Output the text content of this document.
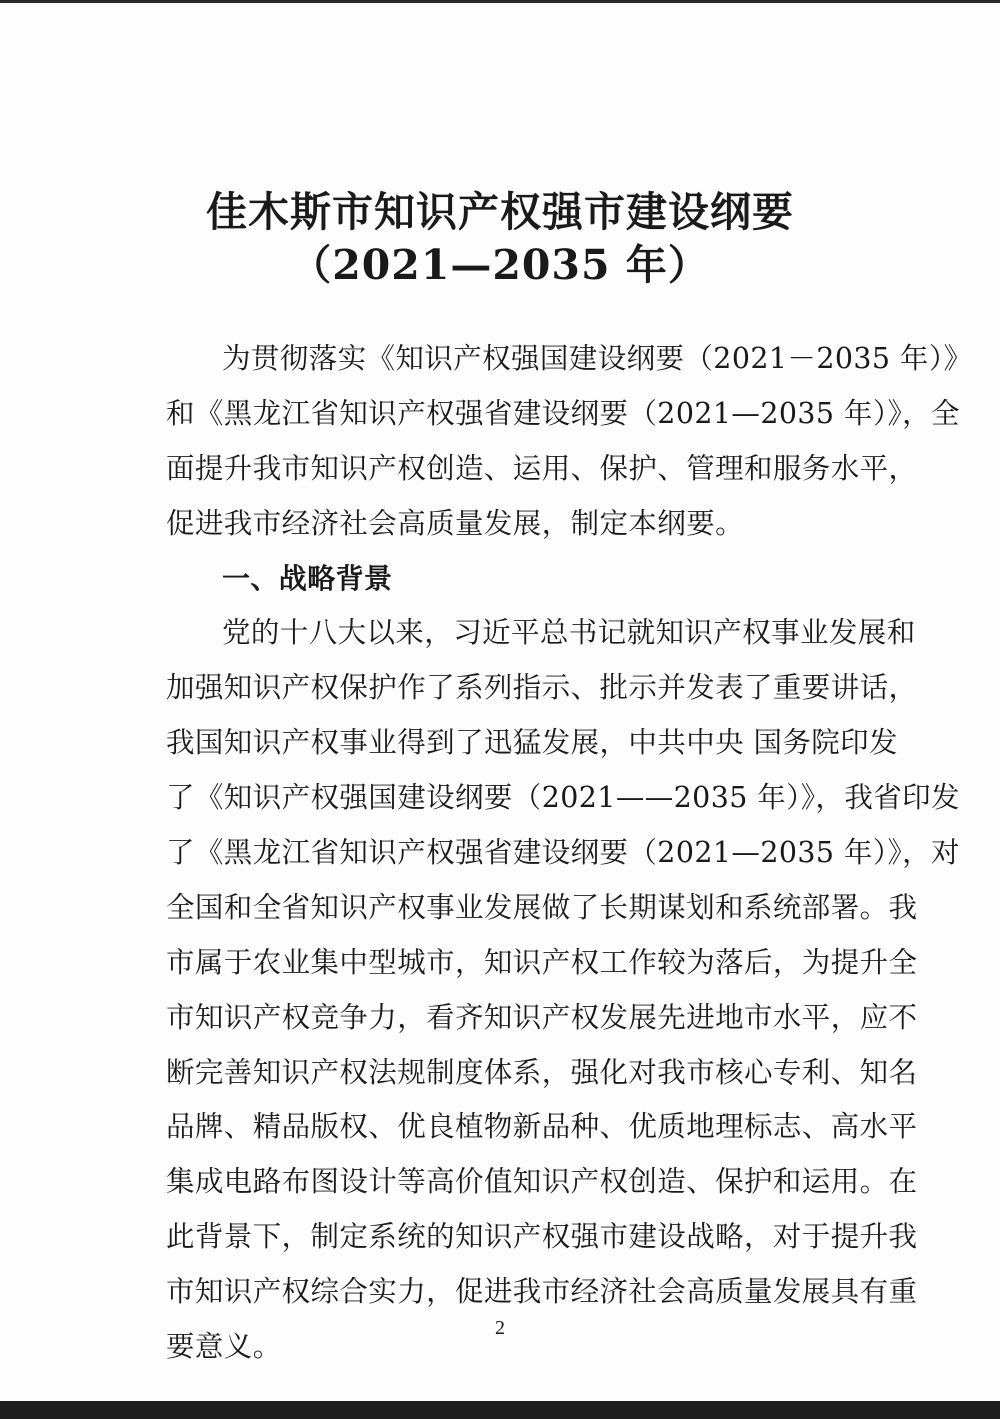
佳木斯市知识产权强市建设纲要
（2021—2035 年）
为贯彻落实《知识产权强国建设纲要（2021－2035 年）》
和《黑龙江省知识产权强省建设纲要（2021—2035 年）》，全
面提升我市知识产权创造、运用、保护、管理和服务水平，
促进我市经济社会高质量发展，制定本纲要。
一、战略背景
党的十八大以来，习近平总书记就知识产权事业发展和
加强知识产权保护作了系列指示、批示并发表了重要讲话，
我国知识产权事业得到了迅猛发展，中共中央 国务院印发
了《知识产权强国建设纲要（2021——2035 年）》，我省印发
了《黑龙江省知识产权强省建设纲要（2021—2035 年）》，对
全国和全省知识产权事业发展做了长期谋划和系统部署。我
市属于农业集中型城市，知识产权工作较为落后，为提升全
市知识产权竞争力，看齐知识产权发展先进地市水平，应不
断完善知识产权法规制度体系，强化对我市核心专利、知名
品牌、精品版权、优良植物新品种、优质地理标志、高水平
集成电路布图设计等高价值知识产权创造、保护和运用。在
此背景下，制定系统的知识产权强市建设战略，对于提升我
市知识产权综合实力，促进我市经济社会高质量发展具有重
要意义。
2
